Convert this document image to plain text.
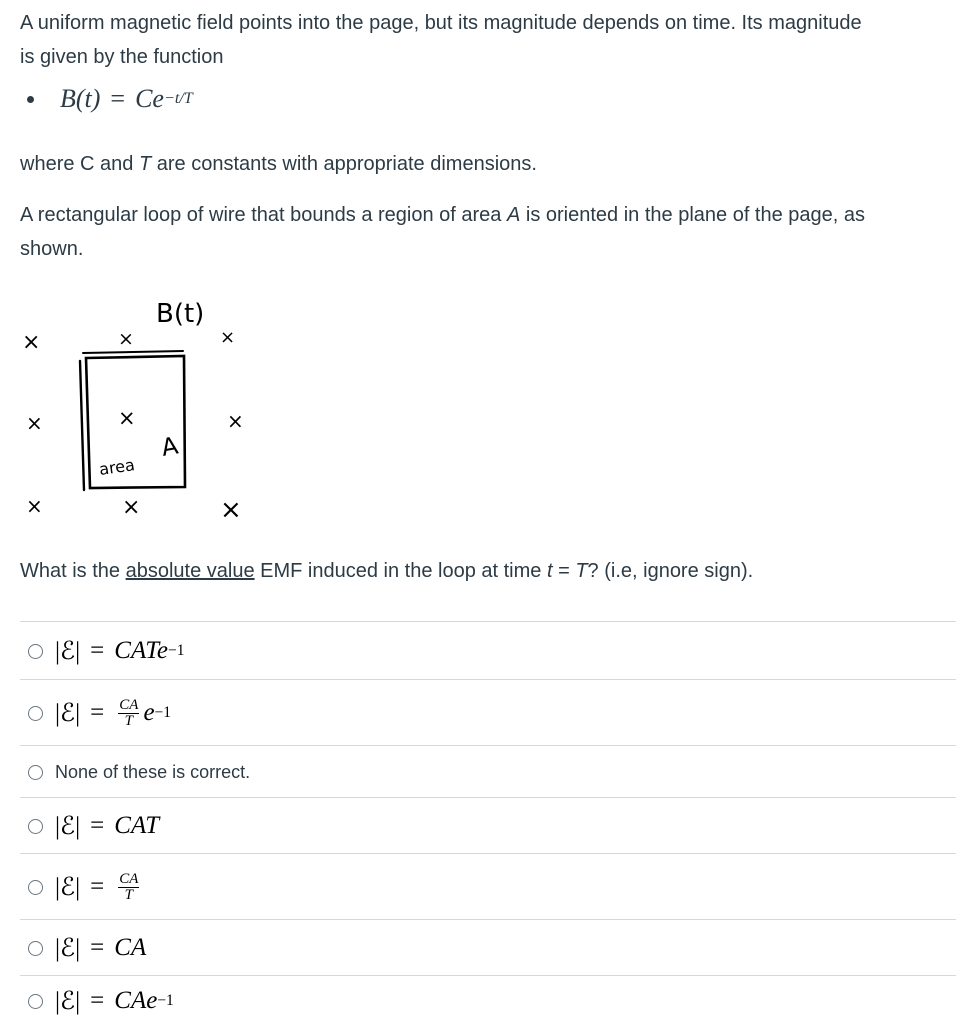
A uniform magnetic field points into the page, but its magnitude depends on time. Its magnitude

is given by the function

B(t) = Ce −t/T

where C and T are constants with appropriate dimensions.

A rectangular loop of wire that bounds a region of area A is oriented in the plane of the page, as

shown.

×	×	×
×	×	×
×	×	×
B(t)
area
A
What is the absolute value EMF induced in the loop at time t = T? (i.e, ignore sign).
|ℰ| = CATe −1
|ℰ| = $\frac{CA}{T}$ e −1
None of these is correct.
|ℰ| = CAT
|ℰ| = $\frac{CA}{T}$
|ℰ| = CA
|ℰ| = CAe −1
